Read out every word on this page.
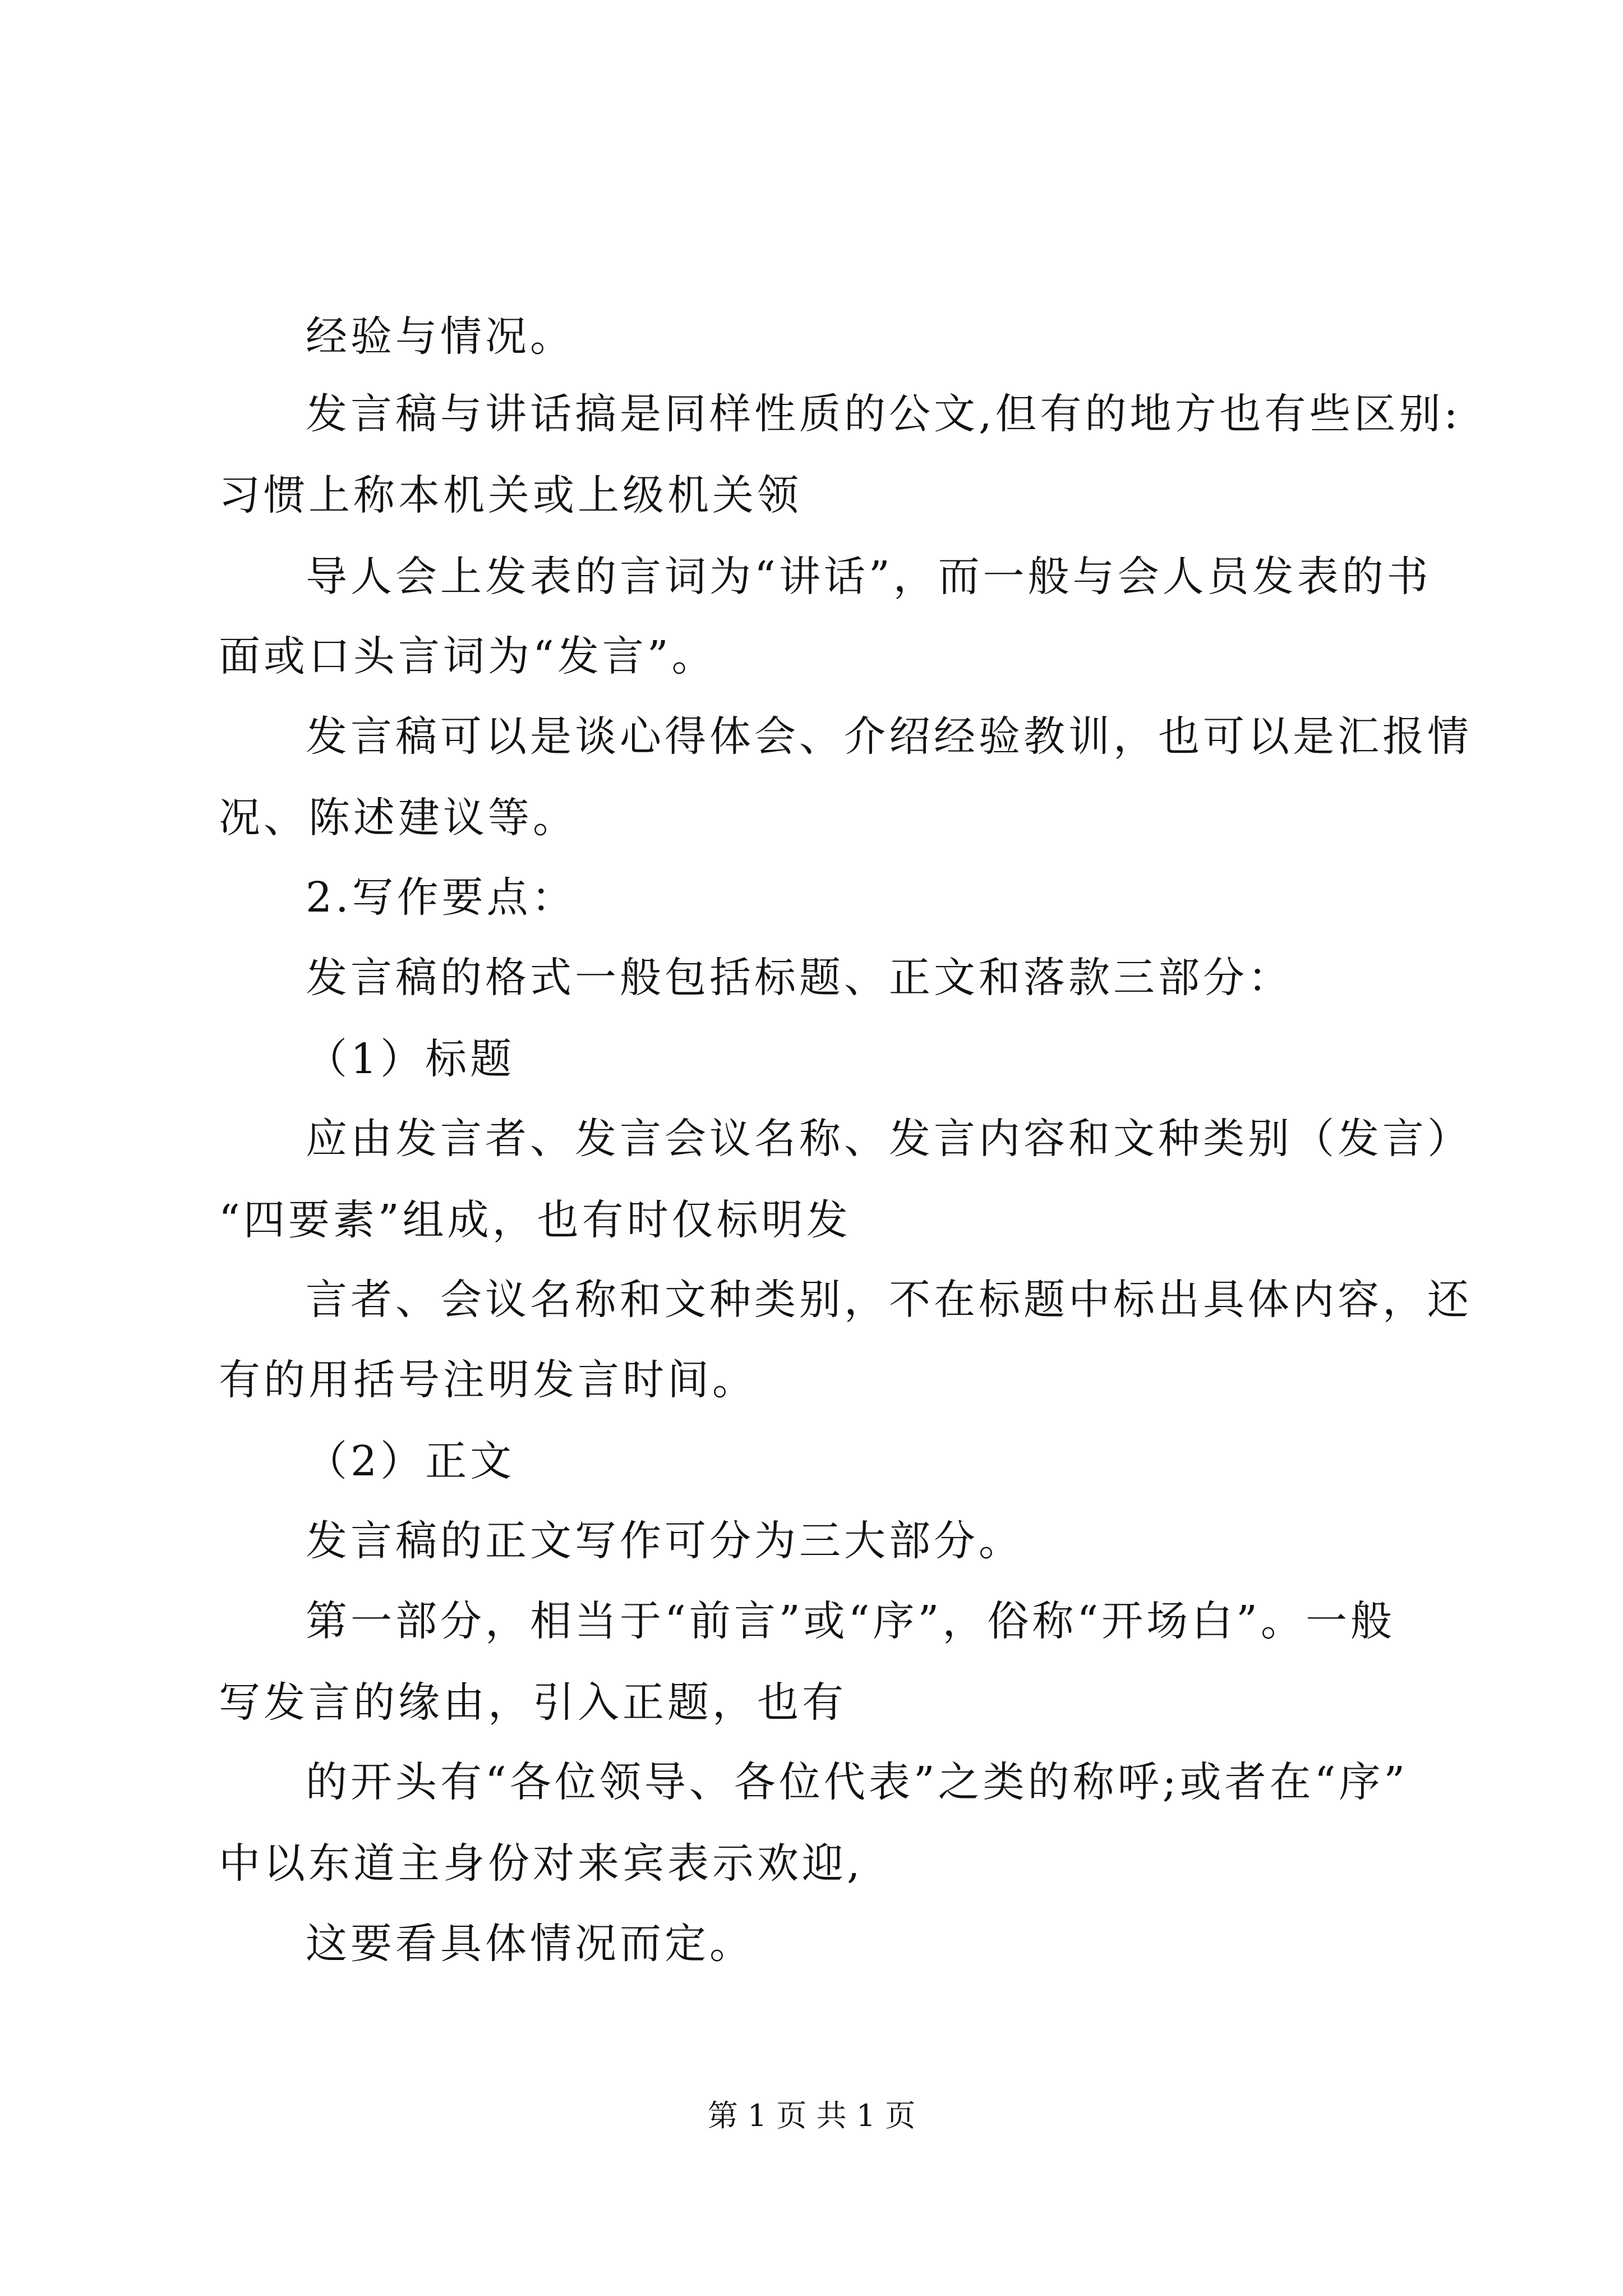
经验与情况。
发言稿与讲话搞是同样性质的公文,但有的地方也有些区别:
习惯上称本机关或上级机关领
导人会上发表的言词为“讲话”，而一般与会人员发表的书
面或口头言词为“发言”。
发言稿可以是谈心得体会、介绍经验教训，也可以是汇报情
况、陈述建议等。
2.写作要点：
发言稿的格式一般包括标题、正文和落款三部分：
（1）标题
应由发言者、发言会议名称、发言内容和文种类别（发言）
“四要素”组成，也有时仅标明发
言者、会议名称和文种类别，不在标题中标出具体内容，还
有的用括号注明发言时间。
（2）正文
发言稿的正文写作可分为三大部分。
第一部分，相当于“前言”或“序”，俗称“开场白”。一般
写发言的缘由，引入正题，也有
的开头有“各位领导、各位代表”之类的称呼;或者在“序”
中以东道主身份对来宾表示欢迎,
这要看具体情况而定。
第 1 页 共 1 页
